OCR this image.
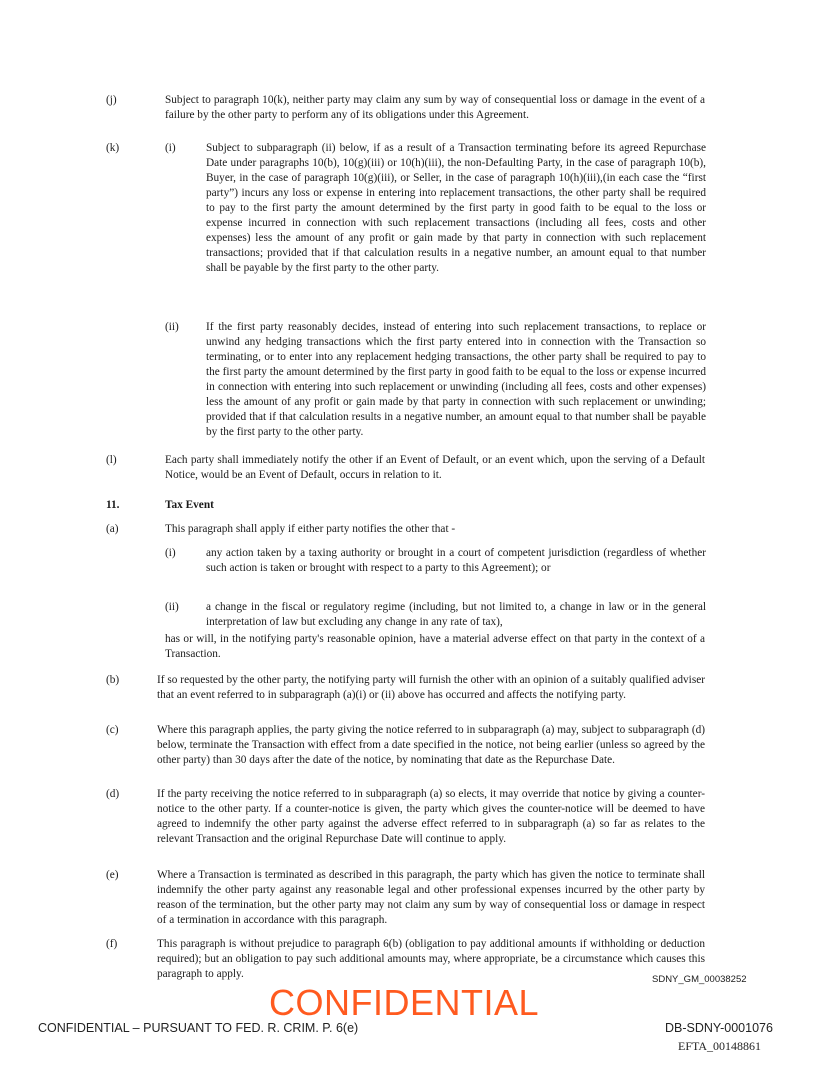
(j)	Subject to paragraph 10(k), neither party may claim any sum by way of consequential loss or damage in the event of a failure by the other party to perform any of its obligations under this Agreement.
(k)	(i)	Subject to subparagraph (ii) below, if as a result of a Transaction terminating before its agreed Repurchase Date under paragraphs 10(b), 10(g)(iii) or 10(h)(iii), the non-Defaulting Party, in the case of paragraph 10(b), Buyer, in the case of paragraph 10(g)(iii), or Seller, in the case of paragraph 10(h)(iii),(in each case the “first party”) incurs any loss or expense in entering into replacement transactions, the other party shall be required to pay to the first party the amount determined by the first party in good faith to be equal to the loss or expense incurred in connection with such replacement transactions (including all fees, costs and other expenses) less the amount of any profit or gain made by that party in connection with such replacement transactions; provided that if that calculation results in a negative number, an amount equal to that number shall be payable by the first party to the other party.
(ii) If the first party reasonably decides, instead of entering into such replacement transactions, to replace or unwind any hedging transactions which the first party entered into in connection with the Transaction so terminating, or to enter into any replacement hedging transactions, the other party shall be required to pay to the first party the amount determined by the first party in good faith to be equal to the loss or expense incurred in connection with entering into such replacement or unwinding (including all fees, costs and other expenses) less the amount of any profit or gain made by that party in connection with such replacement or unwinding; provided that if that calculation results in a negative number, an amount equal to that number shall be payable by the first party to the other party.
(l)	Each party shall immediately notify the other if an Event of Default, or an event which, upon the serving of a Default Notice, would be an Event of Default, occurs in relation to it.
11.	Tax Event
(a)	This paragraph shall apply if either party notifies the other that -
(i)	any action taken by a taxing authority or brought in a court of competent jurisdiction (regardless of whether such action is taken or brought with respect to a party to this Agreement); or
(ii) a change in the fiscal or regulatory regime (including, but not limited to, a change in law or in the general interpretation of law but excluding any change in any rate of tax),
has or will, in the notifying party's reasonable opinion, have a material adverse effect on that party in the context of a Transaction.
(b)	If so requested by the other party, the notifying party will furnish the other with an opinion of a suitably qualified adviser that an event referred to in subparagraph (a)(i) or (ii) above has occurred and affects the notifying party.
(c)	Where this paragraph applies, the party giving the notice referred to in subparagraph (a) may, subject to subparagraph (d) below, terminate the Transaction with effect from a date specified in the notice, not being earlier (unless so agreed by the other party) than 30 days after the date of the notice, by nominating that date as the Repurchase Date.
(d)	If the party receiving the notice referred to in subparagraph (a) so elects, it may override that notice by giving a counter-notice to the other party. If a counter-notice is given, the party which gives the counter-notice will be deemed to have agreed to indemnify the other party against the adverse effect referred to in subparagraph (a) so far as relates to the relevant Transaction and the original Repurchase Date will continue to apply.
(e)	Where a Transaction is terminated as described in this paragraph, the party which has given the notice to terminate shall indemnify the other party against any reasonable legal and other professional expenses incurred by the other party by reason of the termination, but the other party may not claim any sum by way of consequential loss or damage in respect of a termination in accordance with this paragraph.
(f)	This paragraph is without prejudice to paragraph 6(b) (obligation to pay additional amounts if withholding or deduction required); but an obligation to pay such additional amounts may, where appropriate, be a circumstance which causes this paragraph to apply.	SDNY_GM_00038252
CONFIDENTIAL
CONFIDENTIAL – PURSUANT TO FED. R. CRIM. P. 6(e)	DB-SDNY-0001076
EFTA_00148861
